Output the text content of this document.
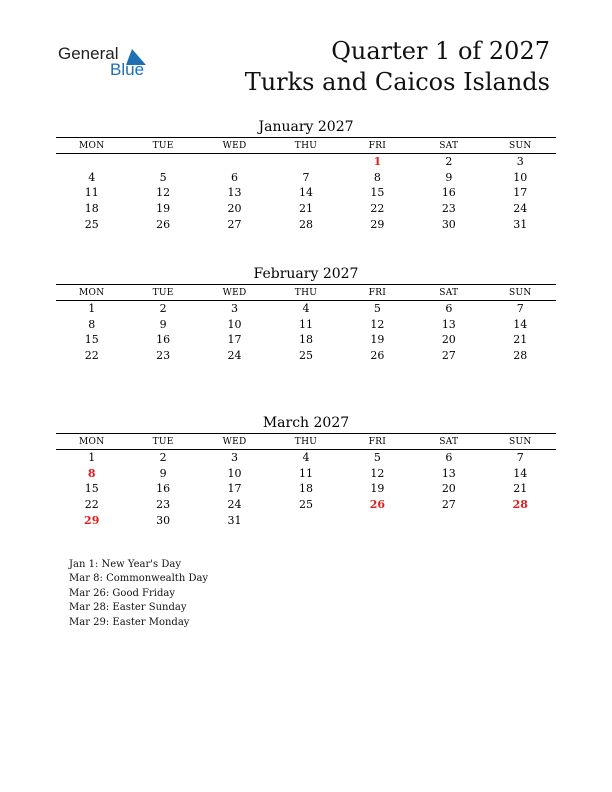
General
Blue
Quarter 1 of 2027
Turks and Caicos Islands
January 2027
MON	TUE	WED	THU	FRI	SAT	SUN
				1	2	3
4	5	6	7	8	9	10
11	12	13	14	15	16	17
18	19	20	21	22	23	24
25	26	27	28	29	30	31
February 2027
MON	TUE	WED	THU	FRI	SAT	SUN
1	2	3	4	5	6	7
8	9	10	11	12	13	14
15	16	17	18	19	20	21
22	23	24	25	26	27	28
March 2027
MON	TUE	WED	THU	FRI	SAT	SUN
1	2	3	4	5	6	7
8	9	10	11	12	13	14
15	16	17	18	19	20	21
22	23	24	25	26	27	28
29	30	31				
Jan 1: New Year's Day
Mar 8: Commonwealth Day
Mar 26: Good Friday
Mar 28: Easter Sunday
Mar 29: Easter Monday
